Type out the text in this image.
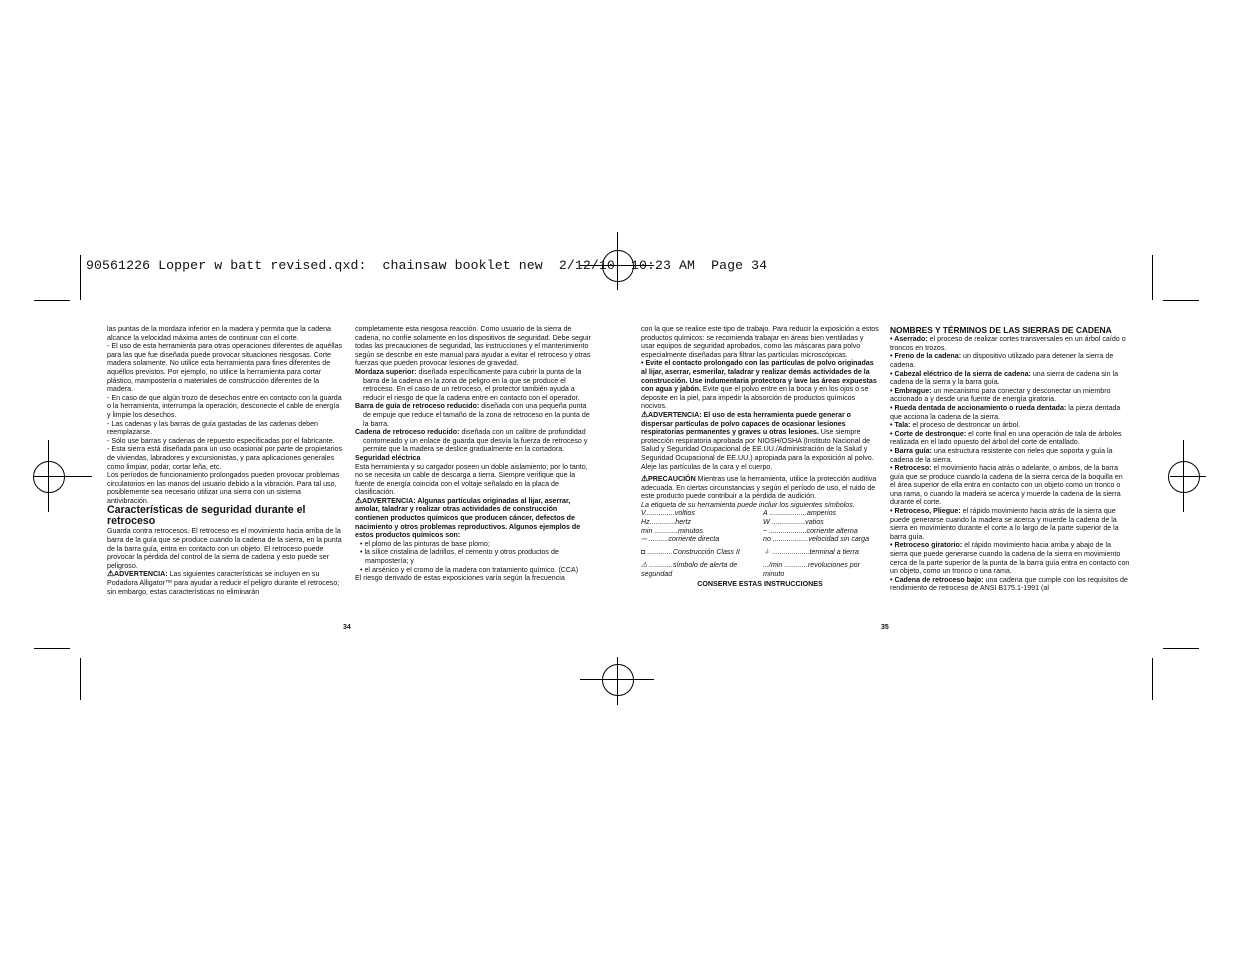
90561226 Lopper w batt revised.qxd:  chainsaw booklet new  2/12/10  10:23 AM  Page 34

las puntas de la mordaza inferior en la madera y permita que la cadena alcance la velocidad máxima antes de continuar con el corte.

- El uso de esta herramienta para otras operaciones diferentes de aquéllas para las que fue diseñada puede provocar situaciones riesgosas. Corte madera solamente. No utilice esta herramienta para fines diferentes de aquéllos previstos. Por ejemplo, no utilice la herramienta para cortar plástico, mampostería o materiales de construcción diferentes de la madera.

- En caso de que algún trozo de desechos entre en contacto con la guarda o la herramienta, interrumpa la operación, desconecte el cable de energía y limpie los desechos.

- Las cadenas y las barras de guía gastadas de las cadenas deben reemplazarse.

- Sólo use barras y cadenas de repuesto especificadas por el fabricante.

- Esta sierra está diseñada para un uso ocasional por parte de propietarios de viviendas, labradores y excursionistas, y para aplicaciones generales como limpiar, podar, cortar leña, etc.

Los períodos de funcionamiento prolongados pueden provocar problemas circulatorios en las manos del usuario debido a la vibración. Para tal uso, posiblemente sea necesario utilizar una sierra con un sistema antivibración.

Características de seguridad durante el retroceso

Guarda contra retrocesos. El retroceso es el movimiento hacia arriba de la barra de la guía que se produce cuando la cadena de la sierra, en la punta de la barra guía, entra en contacto con un objeto. El retroceso puede provocar la pérdida del control de la sierra de cadena y esto puede ser peligroso.

⚠ADVERTENCIA: Las siguientes características se incluyen en su Podadora Alligator™ para ayudar a reducir el peligro durante el retroceso; sin embargo, estas características no eliminarán

34

completamente esta riesgosa reacción. Como usuario de la sierra de cadena, no confíe solamente en los dispositivos de seguridad. Debe seguir todas las precauciones de seguridad, las instrucciones y el mantenimiento según se describe en este manual para ayudar a evitar el retroceso y otras fuerzas que pueden provocar lesiones de gravedad.

Mordaza superior: diseñada específicamente para cubrir la punta de la barra de la cadena en la zona de peligro en la que se produce el retroceso. En el caso de un retroceso, el protector también ayuda a reducir el riesgo de que la cadena entre en contacto con el operador.

Barra de guía de retroceso reducido: diseñada con una pequeña punta de empuje que reduce el tamaño de la zona de retroceso en la punta de la barra.

Cadena de retroceso reducido: diseñada con un calibre de profundidad contorneado y un enlace de guarda que desvía la fuerza de retroceso y permite que la madera se deslice gradualmente en la cortadora.

Seguridad eléctrica

Esta herramienta y su cargador poseen un doble aislamiento; por lo tanto, no se necesita un cable de descarga a tierra. Siempre verifique que la fuente de energía coincida con el voltaje señalado en la placa de clasificación.

⚠ADVERTENCIA: Algunas partículas originadas al lijar, aserrar, amolar, taladrar y realizar otras actividades de construcción contienen productos químicos que producen cáncer, defectos de nacimiento y otros problemas reproductivos. Algunos ejemplos de estos productos químicos son:

• el plomo de las pinturas de base plomo;

• la sílice cristalina de ladrillos, el cemento y otros productos de mampostería; y

• el arsénico y el cromo de la madera con tratamiento químico. (CCA)

El riesgo derivado de estas exposiciones varía según la frecuencia

con la que se realice este tipo de trabajo. Para reducir la exposición a estos productos químicos: se recomienda trabajar en áreas bien ventiladas y usar equipos de seguridad aprobados, como las máscaras para polvo especialmente diseñadas para filtrar las partículas microscópicas.

• Evite el contacto prolongado con las partículas de polvo originadas al lijar, aserrar, esmerilar, taladrar y realizar demás actividades de la construcción. Use indumentaria protectora y lave las áreas expuestas con agua y jabón. Evite que el polvo entre en la boca y en los ojos o se deposite en la piel, para impedir la absorción de productos químicos nocivos.

⚠ADVERTENCIA: El uso de esta herramienta puede generar o dispersar partículas de polvo capaces de ocasionar lesiones respiratorias permanentes y graves u otras lesiones. Use siempre protección respiratoria aprobada por NIOSH/OSHA (Instituto Nacional de Salud y Seguridad Ocupacional de EE.UU./Administración de la Salud y Seguridad Ocupacional de EE.UU.) apropiada para la exposición al polvo. Aleje las partículas de la cara y el cuerpo.

⚠PRECAUCIÓN Mientras use la herramienta, utilice la protección auditiva adecuada. En ciertas circunstancias y según el período de uso, el ruido de este producto puede contribuir a la pérdida de audición.

La etiqueta de su herramienta puede incluir los siguientes símbolos.

V...............voltios	A ...................amperios
Hz.............hertz	W .................vatios
min ............minutos	~ ...................corriente alterna
⎓ ..........corriente directa	no ..................velocidad sin carga
◘ .............Construcción Class II	⏚ ...................terminal a tierra
⚠ ............símbolo de alerta de seguridad	.../min ............revoluciones por minuto

CONSERVE ESTAS INSTRUCCIONES

35

NOMBRES Y TÉRMINOS DE LAS SIERRAS DE CADENA

• Aserrado: el proceso de realizar cortes transversales en un árbol caído o troncos en trozos.

• Freno de la cadena: un dispositivo utilizado para detener la sierra de cadena.

• Cabezal eléctrico de la sierra de cadena: una sierra de cadena sin la cadena de la sierra y la barra guía.

• Embrague: un mecanismo para conectar y desconectar un miembro accionado a y desde una fuente de energía giratoria.

• Rueda dentada de accionamiento o rueda dentada: la pieza dentada que acciona la cadena de la sierra.

• Tala: el proceso de destroncar un árbol.

• Corte de destronque: el corte final en una operación de tala de árboles realizada en el lado opuesto del árbol del corte de entallado.

• Barra guía: una estructura resistente con rieles que soporta y guía la cadena de la sierra.

• Retroceso: el movimiento hacia atrás o adelante, o ambos, de la barra guía que se produce cuando la cadena de la sierra cerca de la boquilla en el área superior de ella entra en contacto con un objeto como un tronco o una rama, o cuando la madera se acerca y muerde la cadena de la sierra durante el corte.

• Retroceso, Pliegue: el rápido movimiento hacia atrás de la sierra que puede generarse cuando la madera se acerca y muerde la cadena de la sierra en movimiento durante el corte a lo largo de la parte superior de la barra guía.

• Retroceso giratorio: el rápido movimiento hacia arriba y abajo de la sierra que puede generarse cuando la cadena de la sierra en movimiento cerca de la parte superior de la punta de la barra guía entra en contacto con un objeto, como un tronco o una rama.

• Cadena de retroceso bajo: una cadena que cumple con los requisitos de rendimiento de retroceso de ANSI B175.1-1991 (al
